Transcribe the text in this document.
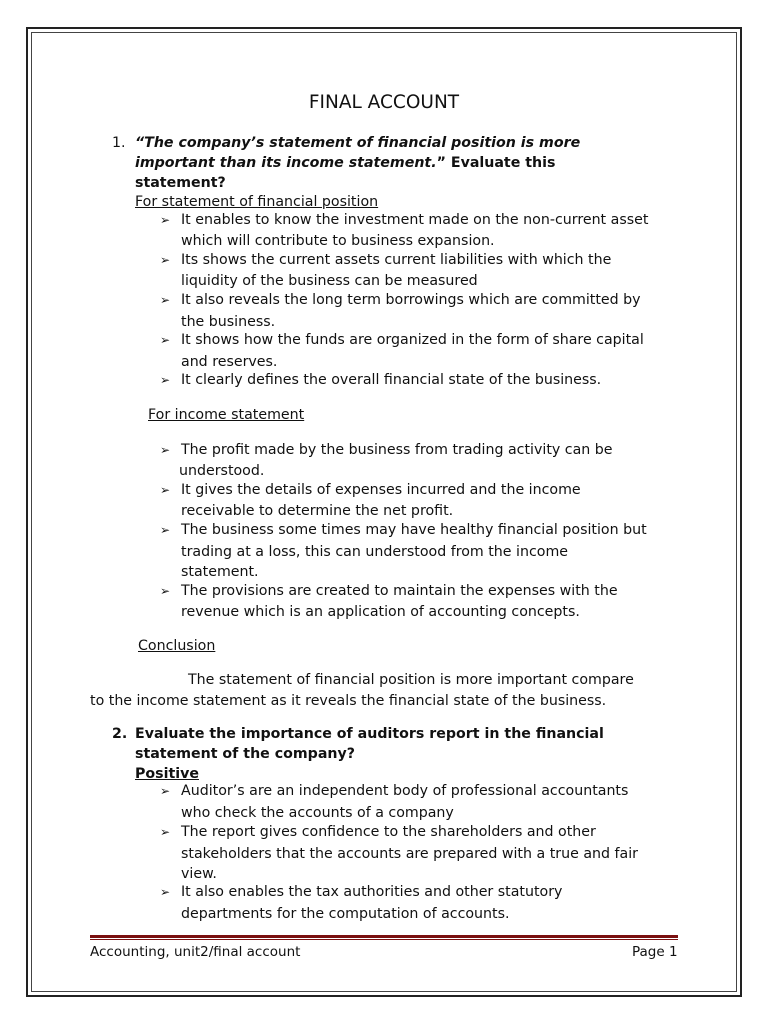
FINAL ACCOUNT
1. “The company’s statement of financial position is more
important than its income statement.” Evaluate this
statement?
For statement of financial position
➢ It enables to know the investment made on the non-current asset
which will contribute to business expansion.
➢ Its shows the current assets current liabilities with which the
liquidity of the business can be measured
➢ It also reveals the long term borrowings which are committed by
the business.
➢ It shows how the funds are organized in the form of share capital
and reserves.
➢ It clearly defines the overall financial state of the business.
For income statement
➢ The profit made by the business from trading activity can be
understood.
➢ It gives the details of expenses incurred and the income
receivable to determine the net profit.
➢ The business some times may have healthy financial position but
trading at a loss, this can understood from the income
statement.
➢ The provisions are created to maintain the expenses with the
revenue which is an application of accounting concepts.
Conclusion
The statement of financial position is more important compare
to the income statement as it reveals the financial state of the business.
2. Evaluate the importance of auditors report in the financial
statement of the company?
Positive
➢ Auditor’s are an independent body of professional accountants
who check the accounts of a company
➢ The report gives confidence to the shareholders and other
stakeholders that the accounts are prepared with a true and fair
view.
➢ It also enables the tax authorities and other statutory
departments for the computation of accounts.
Accounting, unit2/final account	Page 1
